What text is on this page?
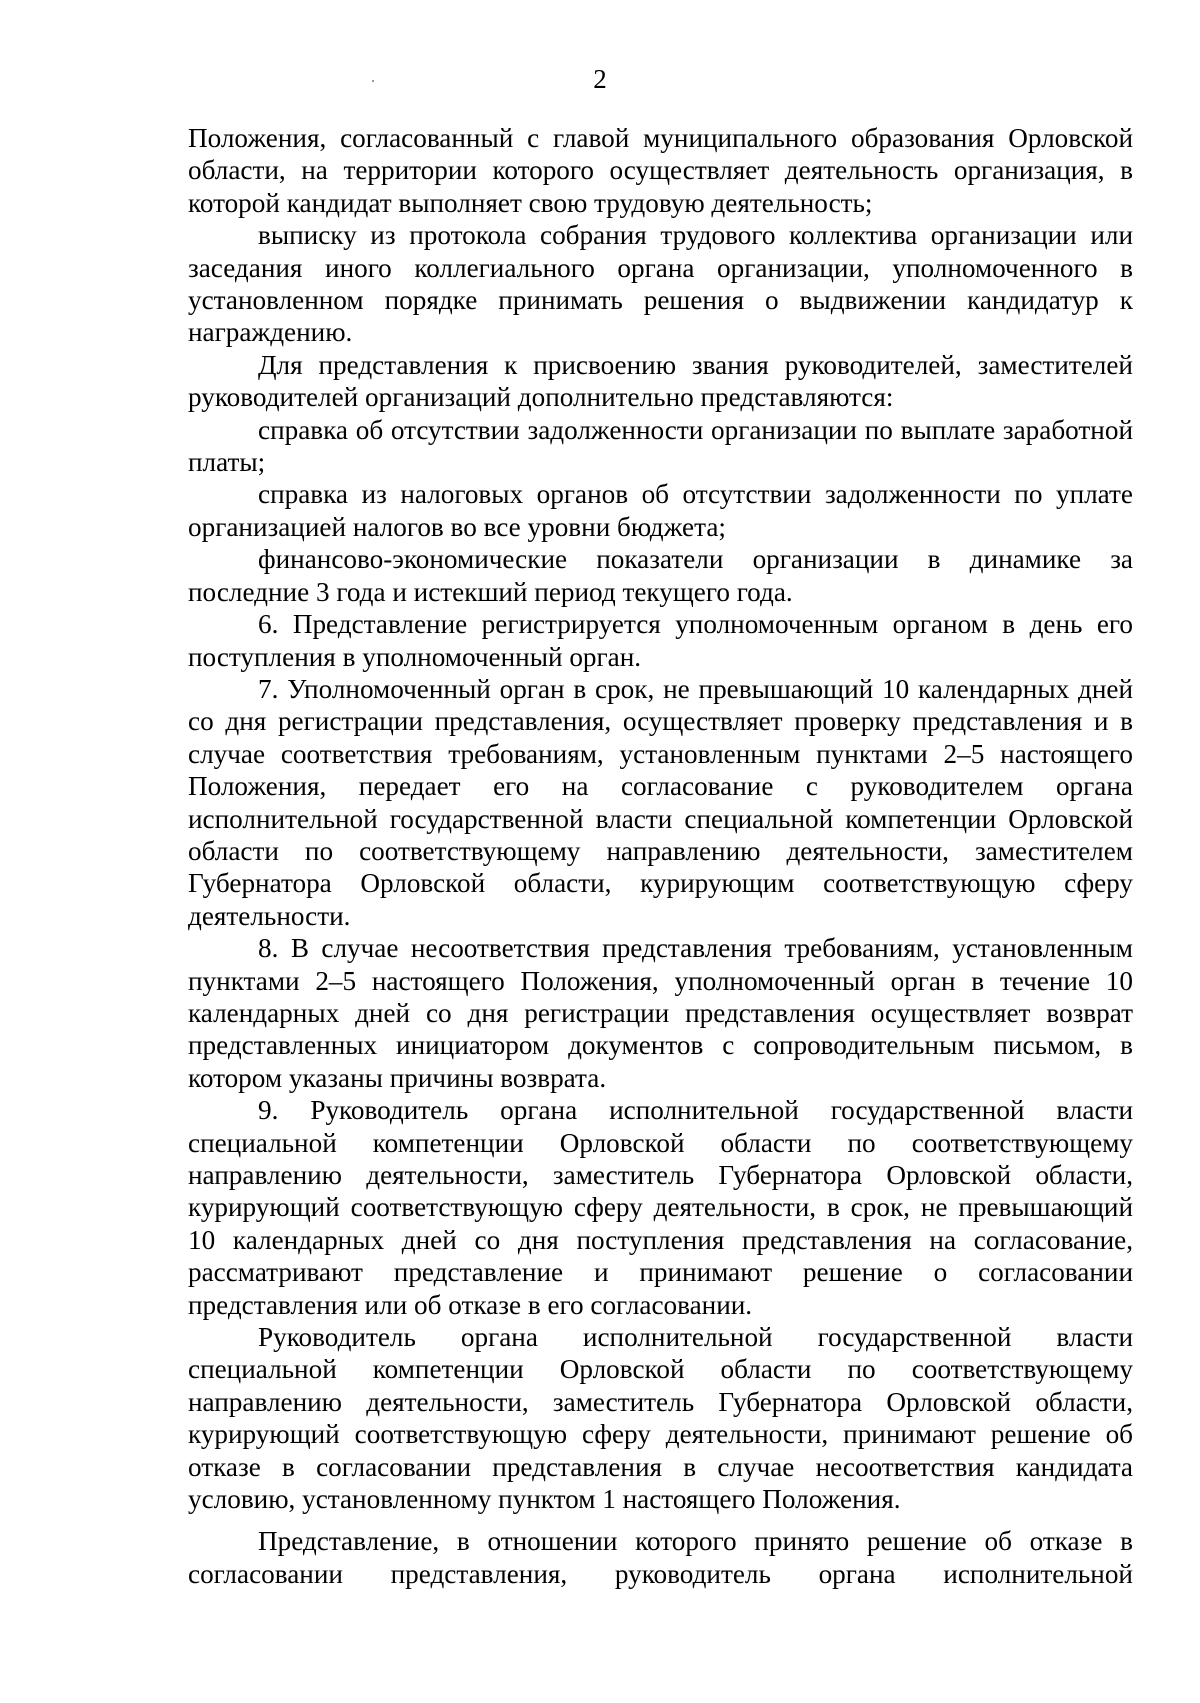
2

Положения, согласованный с главой муниципального образования Орловской области, на территории которого осуществляет деятельность организация, в которой кандидат выполняет свою трудовую деятельность;

выписку из протокола собрания трудового коллектива организации или заседания иного коллегиального органа организации, уполномоченного в установленном порядке принимать решения о выдвижении кандидатур к награждению.

Для представления к присвоению звания руководителей, заместителей руководителей организаций дополнительно представляются:

справка об отсутствии задолженности организации по выплате заработной платы;

справка из налоговых органов об отсутствии задолженности по уплате организацией налогов во все уровни бюджета;

финансово-экономические показатели организации в динамике за последние 3 года и истекший период текущего года.

6. Представление регистрируется уполномоченным органом в день его поступления в уполномоченный орган.

7. Уполномоченный орган в срок, не превышающий 10 календарных дней со дня регистрации представления, осуществляет проверку представления и в случае соответствия требованиям, установленным пунктами 2–5 настоящего Положения, передает его на согласование с руководителем органа исполнительной государственной власти специальной компетенции Орловской области по соответствующему направлению деятельности, заместителем Губернатора Орловской области, курирующим соответствующую сферу деятельности.

8. В случае несоответствия представления требованиям, установленным пунктами 2–5 настоящего Положения, уполномоченный орган в течение 10 календарных дней со дня регистрации представления осуществляет возврат представленных инициатором документов с сопроводительным письмом, в котором указаны причины возврата.

9. Руководитель органа исполнительной государственной власти специальной компетенции Орловской области по соответствующему направлению деятельности, заместитель Губернатора Орловской области, курирующий соответствующую сферу деятельности, в срок, не превышающий 10 календарных дней со дня поступления представления на согласование, рассматривают представление и принимают решение о согласовании представления или об отказе в его согласовании.

Руководитель органа исполнительной государственной власти специальной компетенции Орловской области по соответствующему направлению деятельности, заместитель Губернатора Орловской области, курирующий соответствующую сферу деятельности, принимают решение об отказе в согласовании представления в случае несоответствия кандидата условию, установленному пунктом 1 настоящего Положения.

Представление, в отношении которого принято решение об отказе в согласовании представления, руководитель органа исполнительной
